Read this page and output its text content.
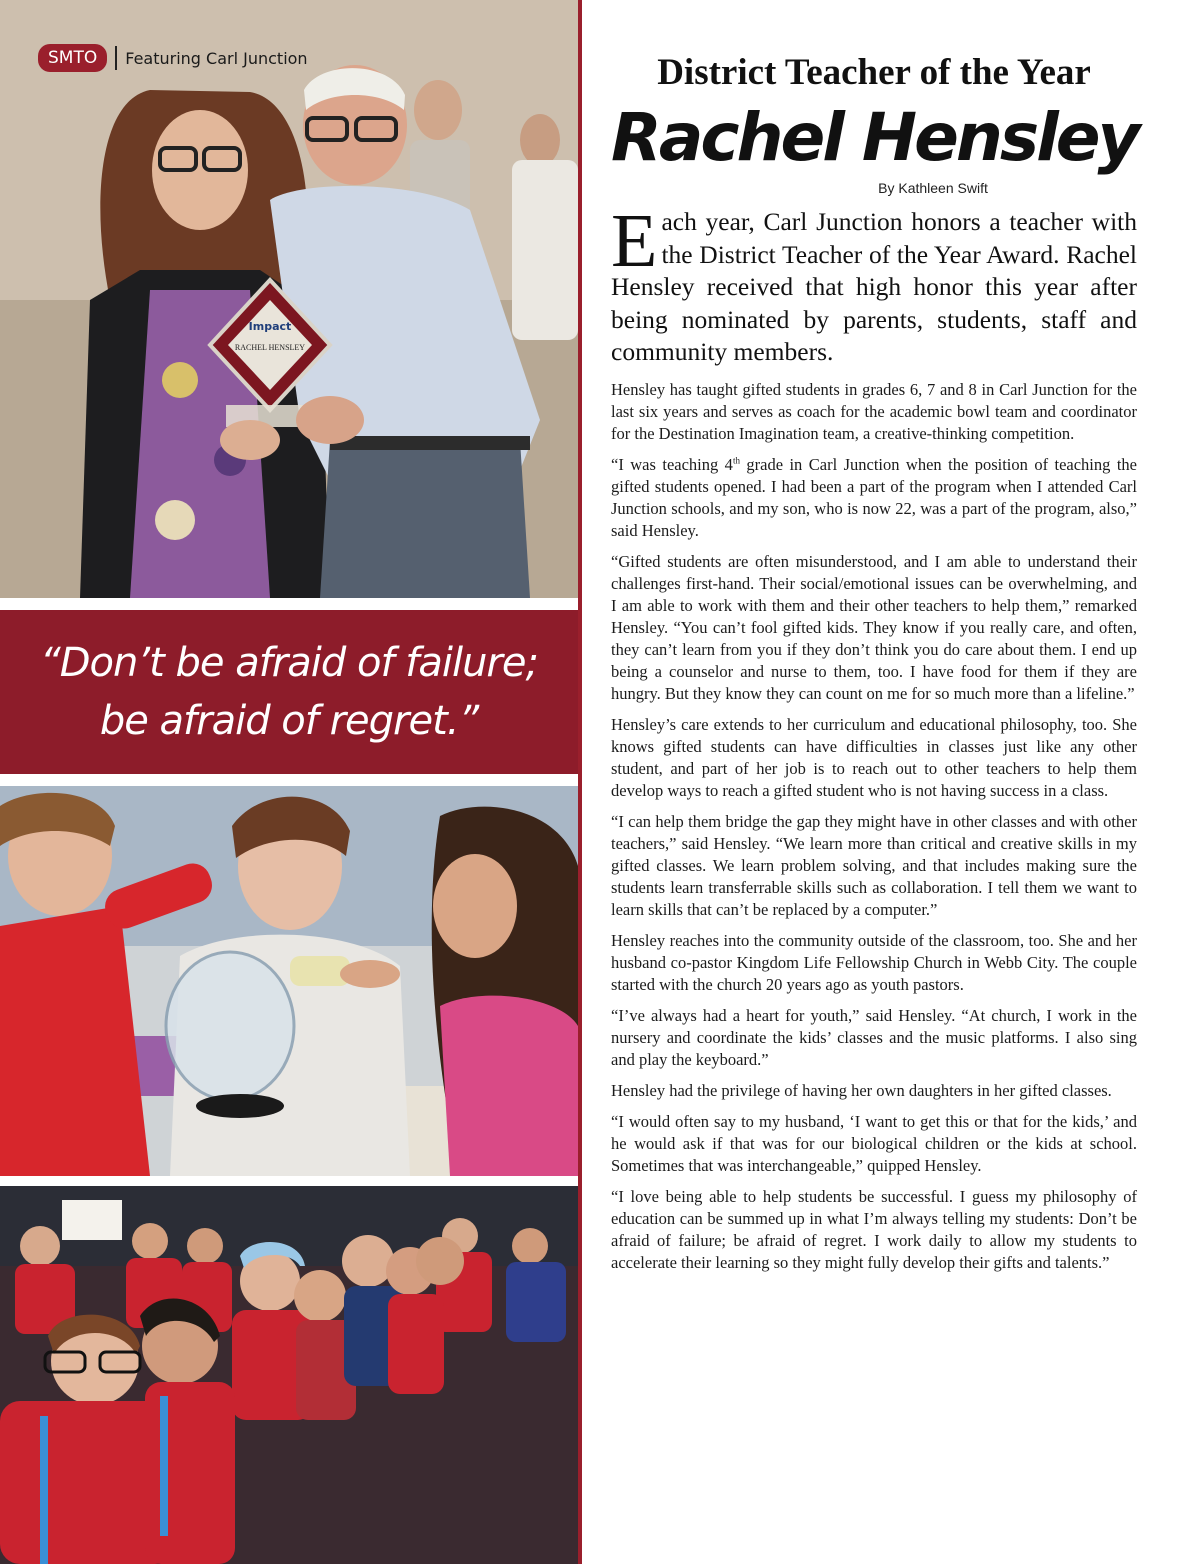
Impact
RACHEL HENSLEY
SMTO	Featuring Carl Junction
“Don’t be afraid of failure;
be afraid of regret.”
District Teacher of the Year
Rachel Hensley

By Kathleen Swift

Each year, Carl Junction honors a teacher with the District Teacher of the Year Award. Rachel Hensley received that high honor this year after being nominated by parents, students, staff and community members.

Hensley has taught gifted students in grades 6, 7 and 8 in Carl Junction for the last six years and serves as coach for the academic bowl team and coordinator for the Destination Imagination team, a creative-thinking competition.

“I was teaching 4th grade in Carl Junction when the position of teaching the gifted students opened. I had been a part of the program when I attended Carl Junction schools, and my son, who is now 22, was a part of the program, also,” said Hensley.

“Gifted students are often misunderstood, and I am able to understand their challenges first-hand. Their social/emotional issues can be overwhelming, and I am able to work with them and their other teachers to help them,” remarked Hensley. “You can’t fool gifted kids. They know if you really care, and often, they can’t learn from you if they don’t think you do care about them. I end up being a counselor and nurse to them, too. I have food for them if they are hungry. But they know they can count on me for so much more than a lifeline.”

Hensley’s care extends to her curriculum and educational philosophy, too. She knows gifted students can have difficulties in classes just like any other student, and part of her job is to reach out to other teachers to help them develop ways to reach a gifted student who is not having success in a class.

“I can help them bridge the gap they might have in other classes and with other teachers,” said Hensley. “We learn more than critical and creative skills in my gifted classes. We learn problem solving, and that includes making sure the students learn transferrable skills such as collaboration. I tell them we want to learn skills that can’t be replaced by a computer.”

Hensley reaches into the community outside of the classroom, too. She and her husband co-pastor Kingdom Life Fellowship Church in Webb City. The couple started with the church 20 years ago as youth pastors.

“I’ve always had a heart for youth,” said Hensley. “At church, I work in the nursery and coordinate the kids’ classes and the music platforms. I also sing and play the keyboard.”

Hensley had the privilege of having her own daughters in her gifted classes.

“I would often say to my husband, ‘I want to get this or that for the kids,’ and he would ask if that was for our biological children or the kids at school. Sometimes that was interchangeable,” quipped Hensley.

“I love being able to help students be successful. I guess my philosophy of education can be summed up in what I’m always telling my students: Don’t be afraid of failure; be afraid of regret. I work daily to allow my students to accelerate their learning so they might fully develop their gifts and talents.”
